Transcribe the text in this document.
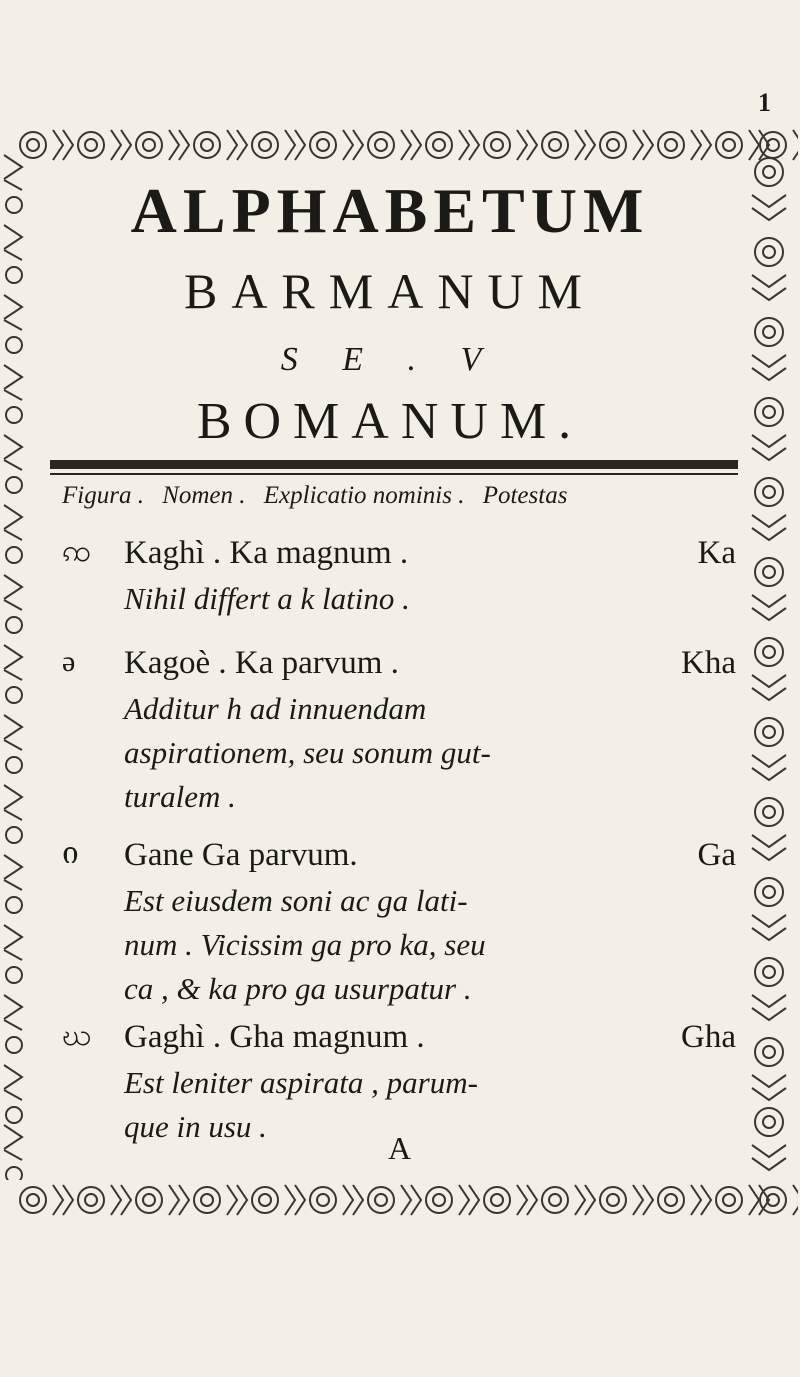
1
ALPHABETUM
BARMANUM
S E . V
BOMANUM.
Figura . Nomen . Explicatio nominis . Potestas
ꩡ Kaghì . Ka magnum .	Ka
Nihil differt a k latino .
ə	Kagoè . Ka parvum .	Kha
Additur h ad innuendam
aspirationem, seu sonum gut-
turalem .
ი	Gane Ga parvum.	Ga
Est eiusdem soni ac ga lati-
num . Vicissim ga pro ka, seu
ca , & ka pro ga usurpatur .
ဃ Gaghì . Gha magnum .	Gha
Est leniter aspirata , parum-
que in usu .
A
